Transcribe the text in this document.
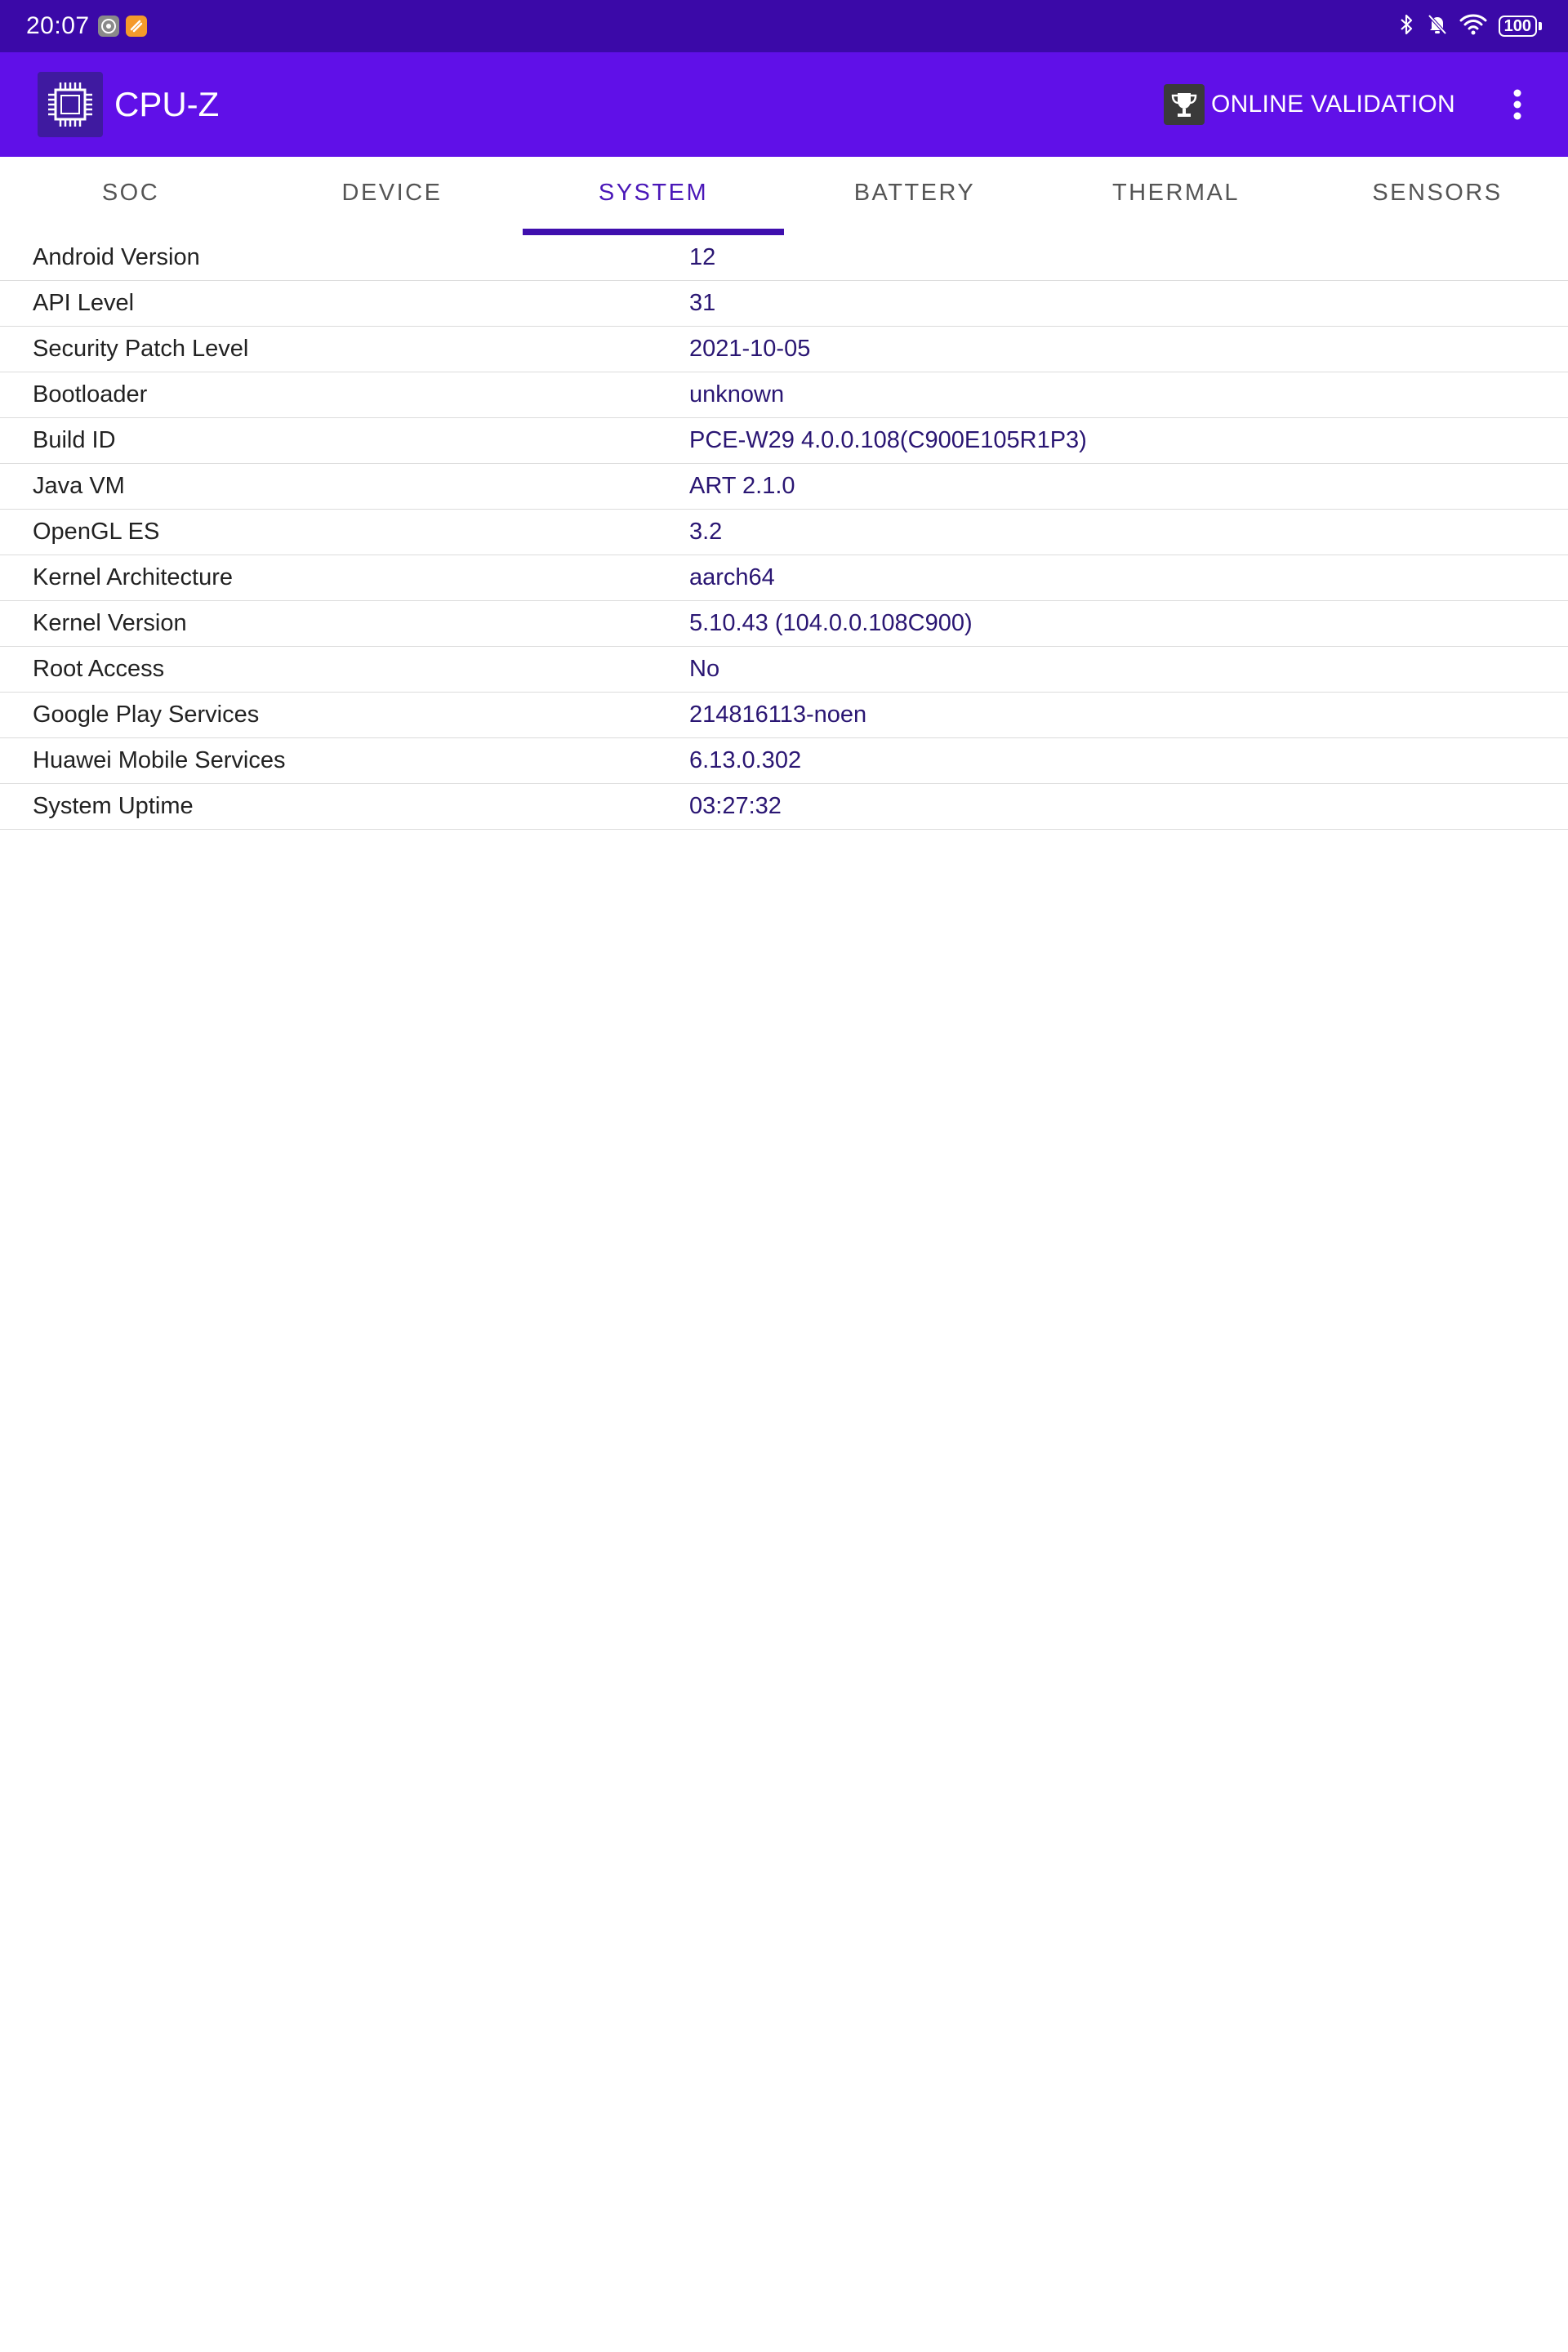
20:07	100
CPU-Z	ONLINE VALIDATION
SOC	DEVICE	SYSTEM	BATTERY	THERMAL	SENSORS
Android Version	12
API Level	31
Security Patch Level	2021-10-05
Bootloader	unknown
Build ID	PCE-W29 4.0.0.108(C900E105R1P3)
Java VM	ART 2.1.0
OpenGL ES	3.2
Kernel Architecture	aarch64
Kernel Version	5.10.43 (104.0.0.108C900)
Root Access	No
Google Play Services	214816113-noen
Huawei Mobile Services	6.13.0.302
System Uptime	03:27:32
